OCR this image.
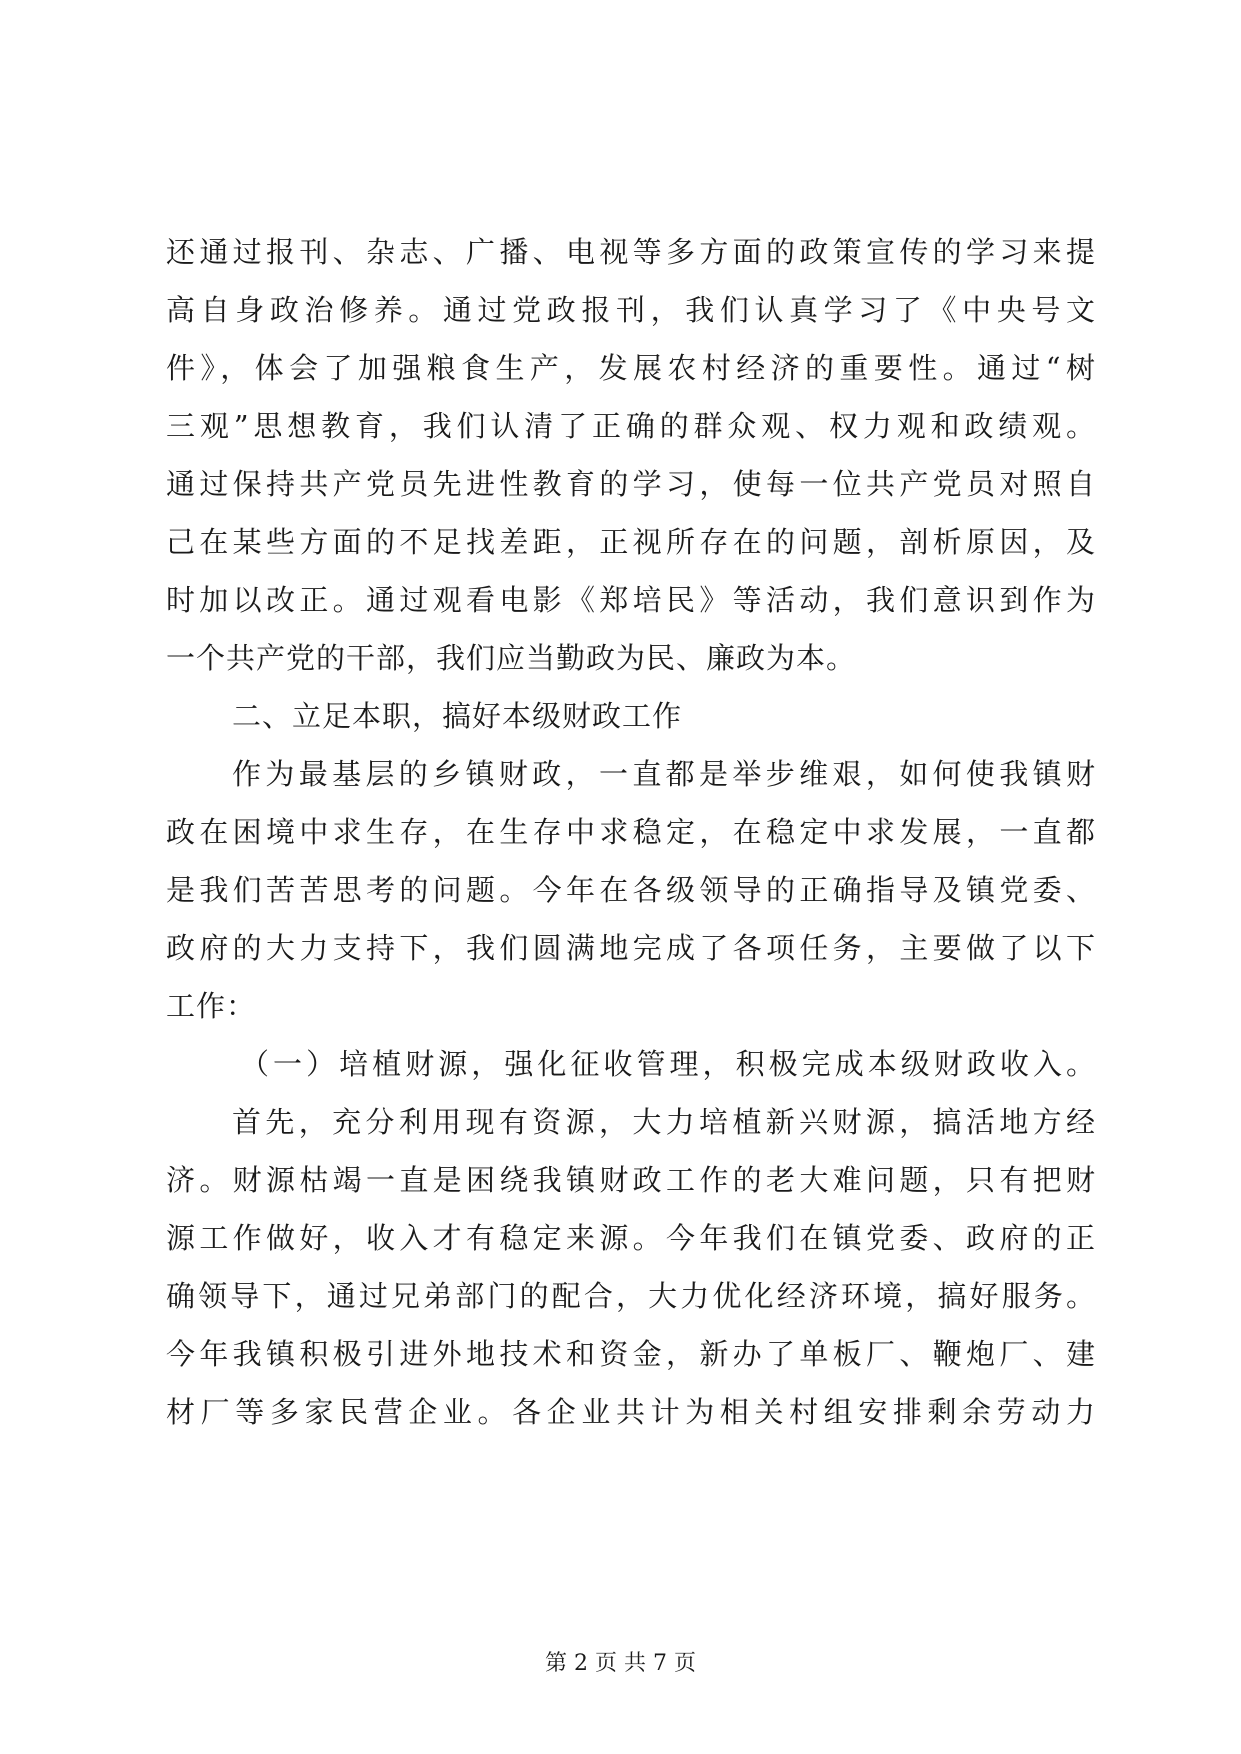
还通过报刊、杂志、广播、电视等多方面的政策宣传的学习来提
高自身政治修养。通过党政报刊，我们认真学习了《中央号文
件》，体会了加强粮食生产，发展农村经济的重要性。通过“树
三观”思想教育，我们认清了正确的群众观、权力观和政绩观。
通过保持共产党员先进性教育的学习，使每一位共产党员对照自
己在某些方面的不足找差距，正视所存在的问题，剖析原因，及
时加以改正。通过观看电影《郑培民》等活动，我们意识到作为
一个共产党的干部，我们应当勤政为民、廉政为本。
二、立足本职，搞好本级财政工作
作为最基层的乡镇财政，一直都是举步维艰，如何使我镇财
政在困境中求生存，在生存中求稳定，在稳定中求发展，一直都
是我们苦苦思考的问题。今年在各级领导的正确指导及镇党委、
政府的大力支持下，我们圆满地完成了各项任务，主要做了以下
工作：
（一）培植财源，强化征收管理，积极完成本级财政收入。
首先，充分利用现有资源，大力培植新兴财源，搞活地方经
济。财源枯竭一直是困绕我镇财政工作的老大难问题，只有把财
源工作做好，收入才有稳定来源。今年我们在镇党委、政府的正
确领导下，通过兄弟部门的配合，大力优化经济环境，搞好服务。
今年我镇积极引进外地技术和资金，新办了单板厂、鞭炮厂、建
材厂等多家民营企业。各企业共计为相关村组安排剩余劳动力
第 2 页 共 7 页
